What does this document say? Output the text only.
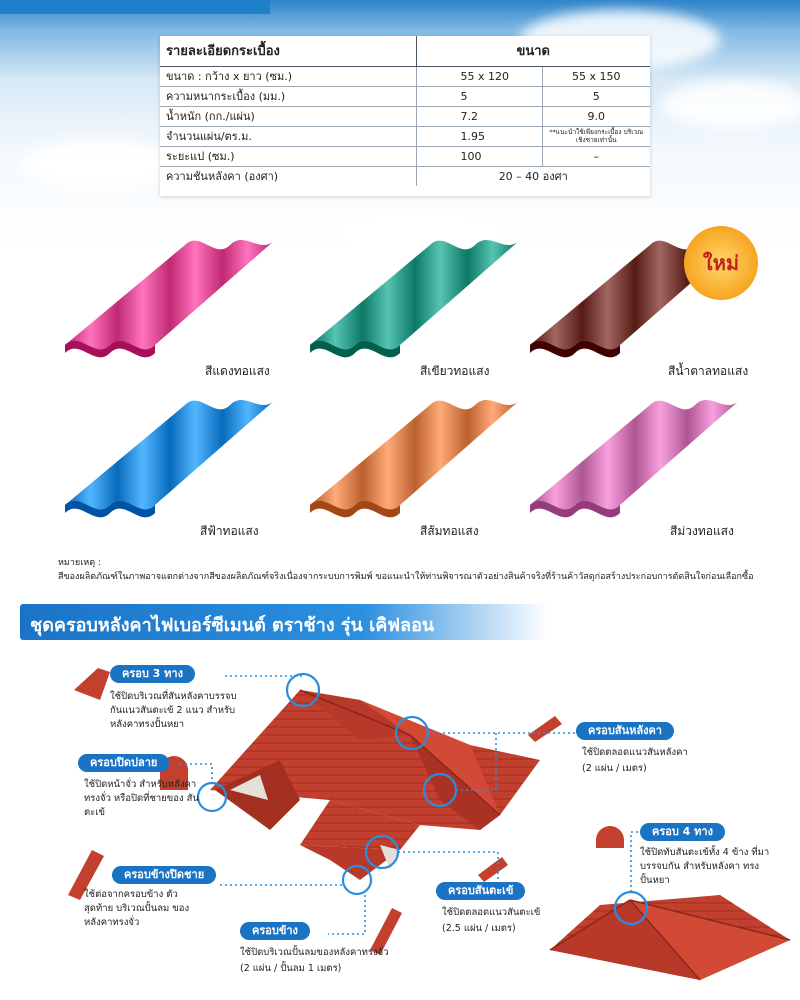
รายละเอียดกระเบื้อง	ขนาด	
ขนาด : กว้าง x ยาว (ซม.)	55 x 120	55 x 150
ความหนากระเบื้อง (มม.)	5	5
น้ำหนัก (กก./แผ่น)	7.2	9.0
จำนวนแผ่น/ตร.ม.	1.95	**แนะนำใช้เพียงกระเบื้อง บริเวณเชิงชายเท่านั้น
ระยะแป (ซม.)	100	–
ความชันหลังคา (องศา)	20 – 40 องศา	
สีแดงทอแสง	สีเขียวทอแสง	สีน้ำตาลทอแสง
สีฟ้าทอแสง	สีส้มทอแสง	สีม่วงทอแสง
ใหม่
หมายเหตุ :
สีของผลิตภัณฑ์ในภาพอาจแตกต่างจากสีของผลิตภัณฑ์จริงเนื่องจากระบบการพิมพ์ ขอแนะนำให้ท่านพิจารณาตัวอย่างสินค้าจริงที่ร้านค้าวัสดุก่อสร้างประกอบการตัดสินใจก่อนเลือกซื้อ
ชุดครอบหลังคาไฟเบอร์ซีเมนต์ ตราช้าง รุ่น เคิฟลอน
ครอบ 3 ทาง
ใช้ปิดบริเวณที่สันหลังคาบรรจบ กันแนวสันตะเข้ 2 แนว สำหรับหลังคาทรงปั้นหยา
ครอบปิดปลาย
ใช้ปิดหน้าจั่ว สำหรับหลังคา ทรงจั่ว หรือปิดที่ชายของ สันตะเข้
ครอบข้างปิดชาย
ใช้ต่อจากครอบข้าง ตัวสุดท้าย บริเวณปั้นลม ของหลังคาทรงจั่ว
ครอบข้าง
ใช้ปิดบริเวณปั้นลมของหลังคาทรงจั่ว
(2 แผ่น / ปั้นลม 1 เมตร)
ครอบสันหลังคา
ใช้ปิดตลอดแนวสันหลังคา
(2 แผ่น / เมตร)
ครอบสันตะเข้
ใช้ปิดตลอดแนวสันตะเข้
(2.5 แผ่น / เมตร)
ครอบ 4 ทาง
ใช้ปิดทับสันตะเข้ทั้ง 4 ข้าง ที่มาบรรจบกัน สำหรับหลังคา ทรงปั้นหยา
